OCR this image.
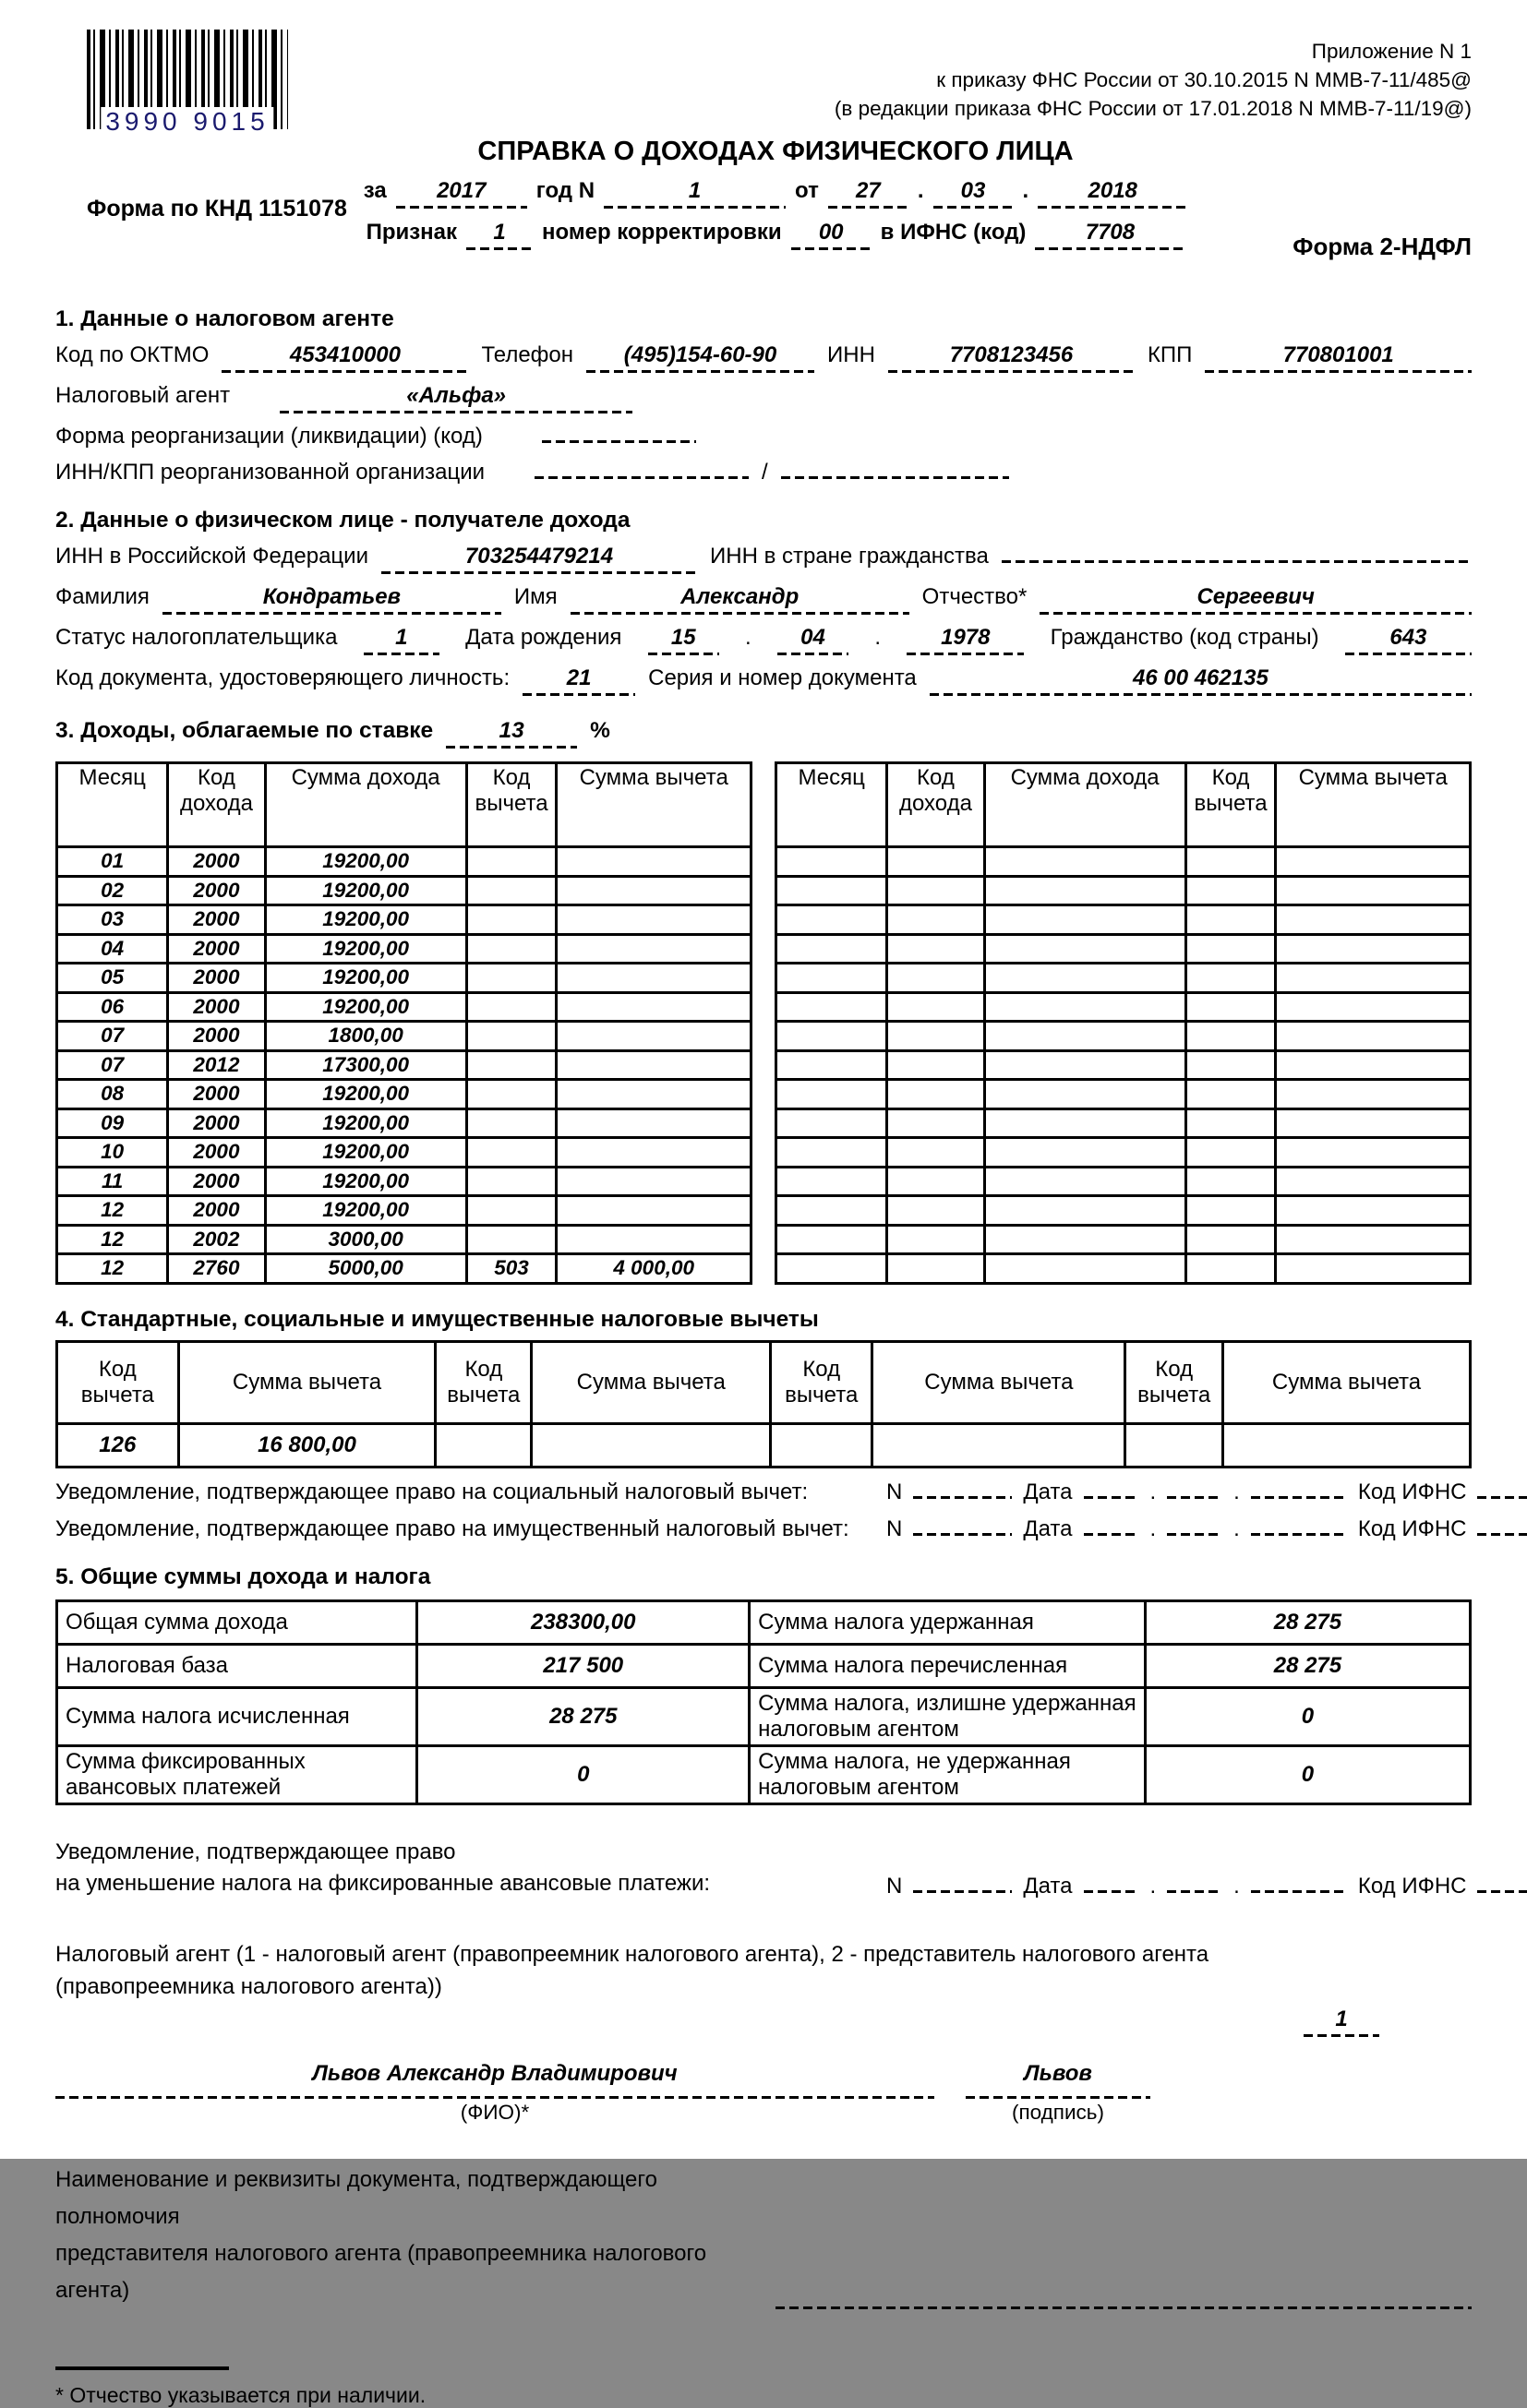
3990 9015
Форма по КНД 1151078
Приложение N 1
к приказу ФНС России от 30.10.2015 N ММВ-7-11/485@
(в редакции приказа ФНС России от 17.01.2018 N ММВ-7-11/19@)
СПРАВКА О ДОХОДАХ ФИЗИЧЕСКОГО ЛИЦА
за	2017	год N	1	от	27	.	03	.	2018
Признак	1	номер корректировки	00	в ИФНС (код)	7708
Форма 2-НДФЛ
1. Данные о налоговом агенте
Код по ОКТМО	453410000	Телефон	(495)154-60-90	ИНН	7708123456	КПП	770801001
Налоговый агент	«Альфа»
Форма реорганизации (ликвидации) (код)
ИНН/КПП реорганизованной организации	/
2. Данные о физическом лице - получателе дохода
ИНН в Российской Федерации	703254479214	ИНН в стране гражданства
Фамилия	Кондратьев	Имя	Александр	Отчество*	Сергеевич
Статус налогоплательщика	1	Дата рождения	15	.	04	.	1978	Гражданство (код страны)	643
Код документа, удостоверяющего личность:	21	Серия и номер документа	46 00 462135
3. Доходы, облагаемые по ставке	13	%
Месяц	Код дохода	Сумма дохода	Код вычета	Сумма вычета
01	2000	19200,00		
02	2000	19200,00		
03	2000	19200,00		
04	2000	19200,00		
05	2000	19200,00		
06	2000	19200,00		
07	2000	1800,00		
07	2012	17300,00		
08	2000	19200,00		
09	2000	19200,00		
10	2000	19200,00		
11	2000	19200,00		
12	2000	19200,00		
12	2002	3000,00		
12	2760	5000,00	503	4 000,00
Месяц	Код дохода	Сумма дохода	Код вычета	Сумма вычета

4. Стандартные, социальные и имущественные налоговые вычеты
Код вычета	Сумма вычета	Код вычета	Сумма вычета	Код вычета	Сумма вычета	Код вычета	Сумма вычета
126	16 800,00						
Уведомление, подтверждающее право на социальный налоговый вычет:	N	Дата	.	.	Код ИФНС
Уведомление, подтверждающее право на имущественный налоговый вычет:	N	Дата	.	.	Код ИФНС
5. Общие суммы дохода и налога
Общая сумма дохода	238300,00	Сумма налога удержанная	28 275
Налоговая база	217 500	Сумма налога перечисленная	28 275
Сумма налога исчисленная	28 275	Сумма налога, излишне удержанная налоговым агентом	0
Сумма фиксированных авансовых платежей	0	Сумма налога, не удержанная налоговым агентом	0
Уведомление, подтверждающее право
на уменьшение налога на фиксированные авансовые платежи:	N	Дата	.	.	Код ИФНС
Налоговый агент (1 - налоговый агент (правопреемник налогового агента), 2 - представитель налогового агента
(правопреемника налогового агента))
1
Львов Александр Владимирович
(ФИО)*
Львов
(подпись)
Наименование и реквизиты документа, подтверждающего полномочия
представителя налогового агента (правопреемника налогового агента)
* Отчество указывается при наличии.
